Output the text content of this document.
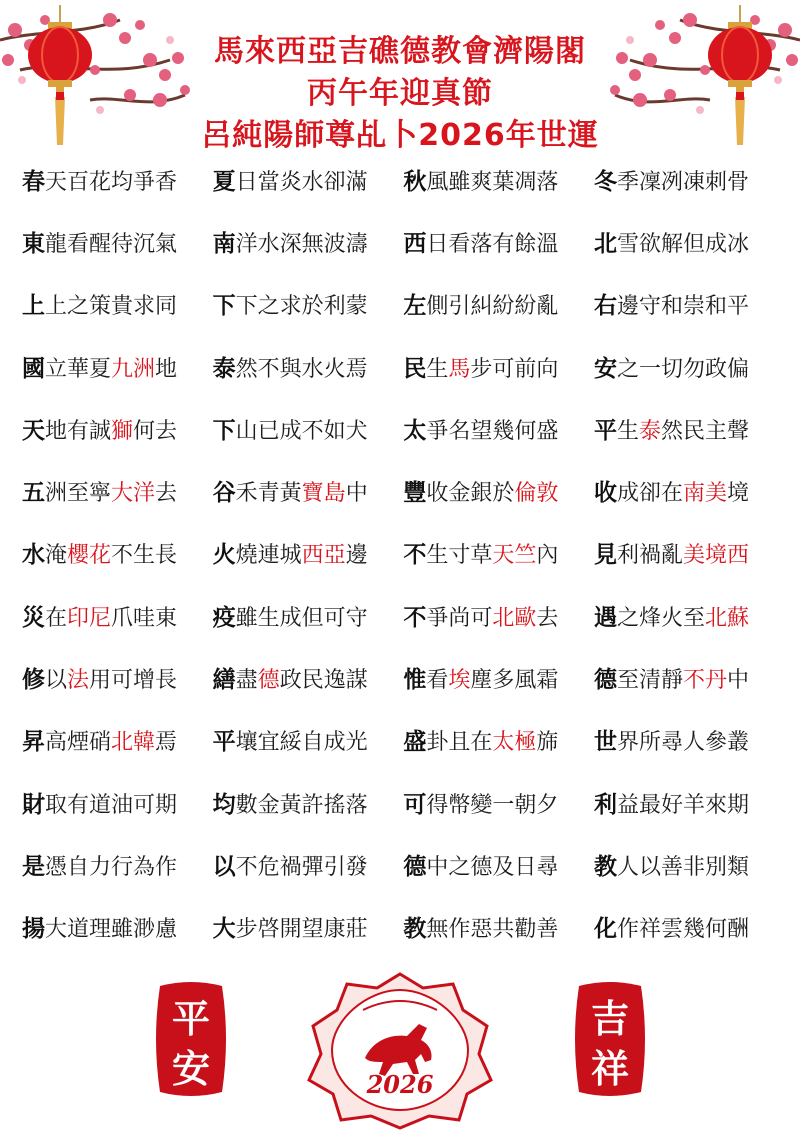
馬來西亞吉礁德教會濟陽閣
丙午年迎真節
呂純陽師尊乩卜2026年世運
春天百花均爭香	夏日當炎水卻滿	秋風雖爽葉凋落	冬季凜冽凍刺骨
東龍看醒待沉氣	南洋水深無波濤	西日看落有餘溫	北雪欲解但成冰
上上之策貴求同	下下之求於利蒙	左側引糾紛紛亂	右邊守和崇和平
國立華夏九洲地	泰然不與水火焉	民生馬步可前向	安之一切勿政偏
天地有誠獅何去	下山已成不如犬	太爭名望幾何盛	平生泰然民主聲
五洲至寧大洋去	谷禾青黃寶島中	豐收金銀於倫敦	收成卻在南美境
水淹櫻花不生長	火燒連城西亞邊	不生寸草天竺內	見利禍亂美境西
災在印尼爪哇東	疫雖生成但可守	不爭尚可北歐去	遇之烽火至北蘇
修以法用可增長	繕盡德政民逸謀	惟看埃塵多風霜	德至清靜不丹中
昇高煙硝北韓焉	平壤宜綏自成光	盛卦且在太極旆	世界所尋人參叢
財取有道油可期	均數金黃許搖落	可得幣變一朝夕	利益最好羊來期
是憑自力行為作	以不危禍彈引發	德中之德及日尋	教人以善非別類
揚大道理雖渺慮	大步啓開望康莊	教無作惡共勸善	化作祥雲幾何酬
平
安	2026
吉
祥
